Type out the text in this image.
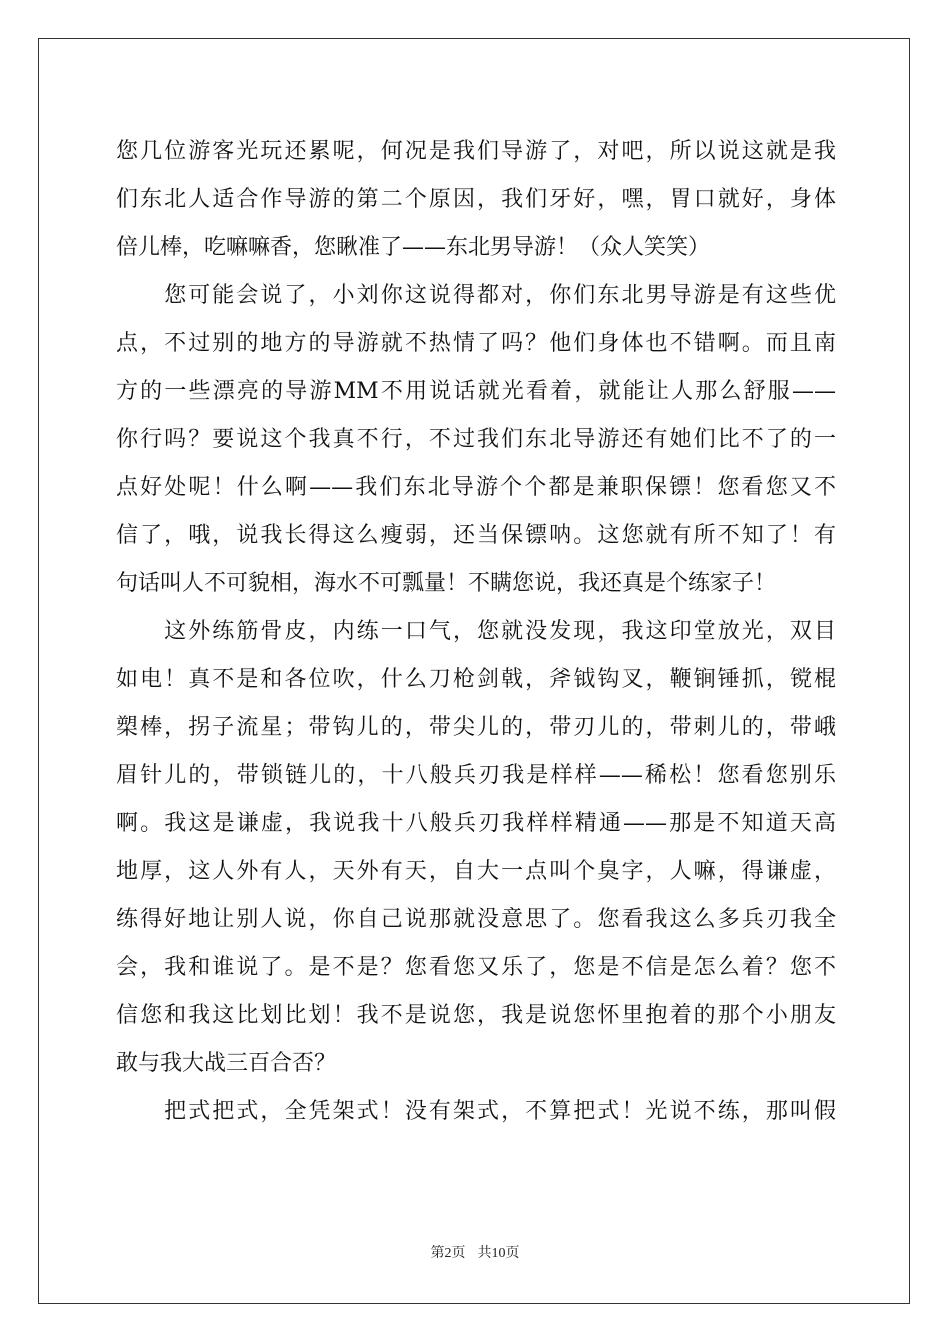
您几位游客光玩还累呢，何况是我们导游了，对吧，所以说这就是我
们东北人适合作导游的第二个原因，我们牙好，嘿，胃口就好，身体
倍儿棒，吃嘛嘛香，您瞅准了——东北男导游！（众人笑笑）
　　您可能会说了，小刘你这说得都对，你们东北男导游是有这些优
点，不过别的地方的导游就不热情了吗？他们身体也不错啊。而且南
方的一些漂亮的导游MM不用说话就光看着，就能让人那么舒服——
你行吗？要说这个我真不行，不过我们东北导游还有她们比不了的一
点好处呢！什么啊——我们东北导游个个都是兼职保镖！您看您又不
信了，哦，说我长得这么瘦弱，还当保镖呐。这您就有所不知了！有
句话叫人不可貌相，海水不可瓢量！不瞒您说，我还真是个练家子！
　　这外练筋骨皮，内练一口气，您就没发现，我这印堂放光，双目
如电！真不是和各位吹，什么刀枪剑戟，斧钺钩叉，鞭锏锤抓，镋棍
槊棒，拐子流星；带钩儿的，带尖儿的，带刃儿的，带刺儿的，带峨
眉针儿的，带锁链儿的，十八般兵刃我是样样——稀松！您看您别乐
啊。我这是谦虚，我说我十八般兵刃我样样精通——那是不知道天高
地厚，这人外有人，天外有天，自大一点叫个臭字，人嘛，得谦虚，
练得好地让别人说，你自己说那就没意思了。您看我这么多兵刃我全
会，我和谁说了。是不是？您看您又乐了，您是不信是怎么着？您不
信您和我这比划比划！我不是说您，我是说您怀里抱着的那个小朋友
敢与我大战三百合否？
　　把式把式，全凭架式！没有架式，不算把式！光说不练，那叫假
第2页 共10页
